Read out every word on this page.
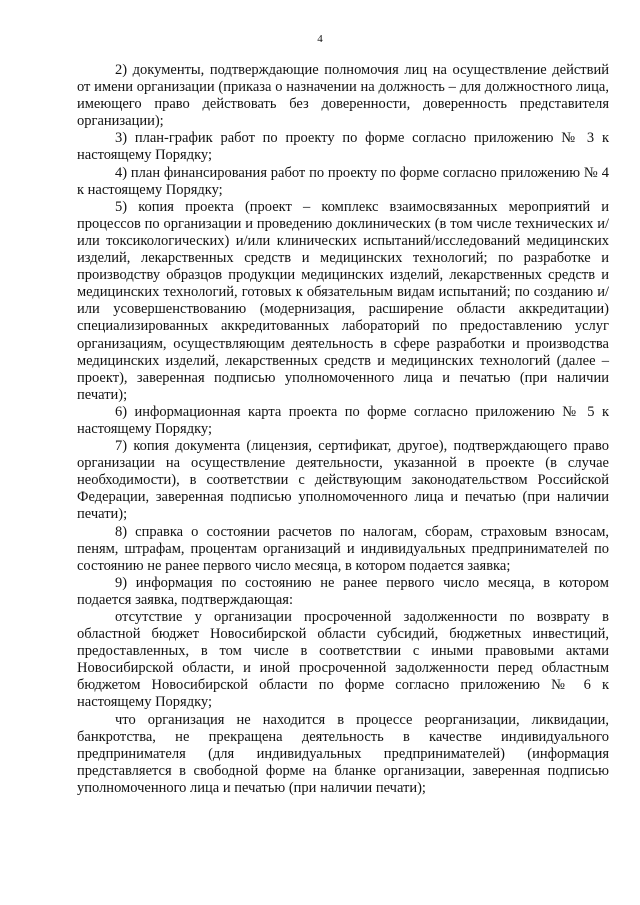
4

2) документы, подтверждающие полномочия лиц на осуществление действий от имени организации (приказа о назначении на должность – для должностного лица, имеющего право действовать без доверенности, доверенность представителя организации);

3) план-график работ по проекту по форме согласно приложению № 3 к настоящему Порядку;

4) план финансирования работ по проекту по форме согласно приложению № 4 к настоящему Порядку;

5) копия проекта (проект – комплекс взаимосвязанных мероприятий и процессов по организации и проведению доклинических (в том числе технических и/или токсикологических) и/или клинических испытаний/исследований медицинских изделий, лекарственных средств и медицинских технологий; по разработке и производству образцов продукции медицинских изделий, лекарственных средств и медицинских технологий, готовых к обязательным видам испытаний; по созданию и/или усовершенствованию (модернизация, расширение области аккредитации) специализированных аккредитованных лабораторий по предоставлению услуг организациям, осуществляющим деятельность в сфере разработки и производства медицинских изделий, лекарственных средств и медицинских технологий (далее – проект), заверенная подписью уполномоченного лица и печатью (при наличии печати);

6) информационная карта проекта по форме согласно приложению № 5 к настоящему Порядку;

7) копия документа (лицензия, сертификат, другое), подтверждающего право организации на осуществление деятельности, указанной в проекте (в случае необходимости), в соответствии с действующим законодательством Российской Федерации, заверенная подписью уполномоченного лица и печатью (при наличии печати);

8) справка о состоянии расчетов по налогам, сборам, страховым взносам, пеням, штрафам, процентам организаций и индивидуальных предпринимателей по состоянию не ранее первого число месяца, в котором подается заявка;

9) информация по состоянию не ранее первого число месяца, в котором подается заявка, подтверждающая:

отсутствие у организации просроченной задолженности по возврату в областной бюджет Новосибирской области субсидий, бюджетных инвестиций, предоставленных, в том числе в соответствии с иными правовыми актами Новосибирской области, и иной просроченной задолженности перед областным бюджетом Новосибирской области по форме согласно приложению № 6 к настоящему Порядку;

что организация не находится в процессе реорганизации, ликвидации, банкротства, не прекращена деятельность в качестве индивидуального предпринимателя (для индивидуальных предпринимателей) (информация представляется в свободной форме на бланке организации, заверенная подписью уполномоченного лица и печатью (при наличии печати);
